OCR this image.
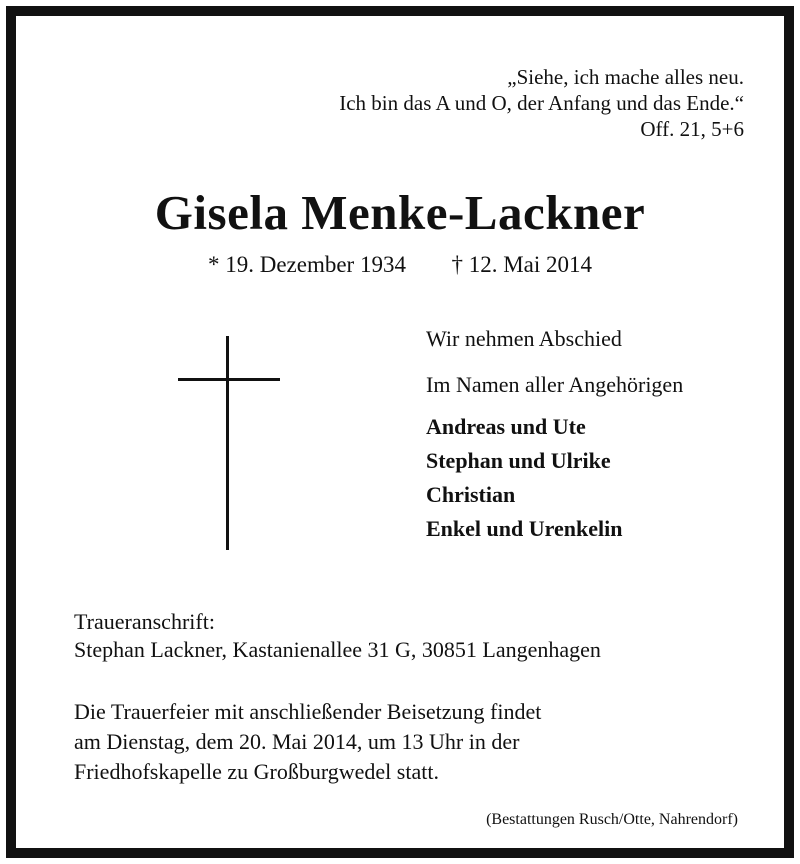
„Siehe, ich mache alles neu.
Ich bin das A und O, der Anfang und das Ende.“
Off. 21, 5+6
Gisela Menke-Lackner
* 19. Dezember 1934 † 12. Mai 2014
Wir nehmen Abschied
Im Namen aller Angehörigen
Andreas und Ute
Stephan und Ulrike
Christian
Enkel und Urenkelin
Traueranschrift:
Stephan Lackner, Kastanienallee 31 G, 30851 Langenhagen
Die Trauerfeier mit anschließender Beisetzung findet
am Dienstag, dem 20. Mai 2014, um 13 Uhr in der
Friedhofskapelle zu Großburgwedel statt.
(Bestattungen Rusch/Otte, Nahrendorf)
